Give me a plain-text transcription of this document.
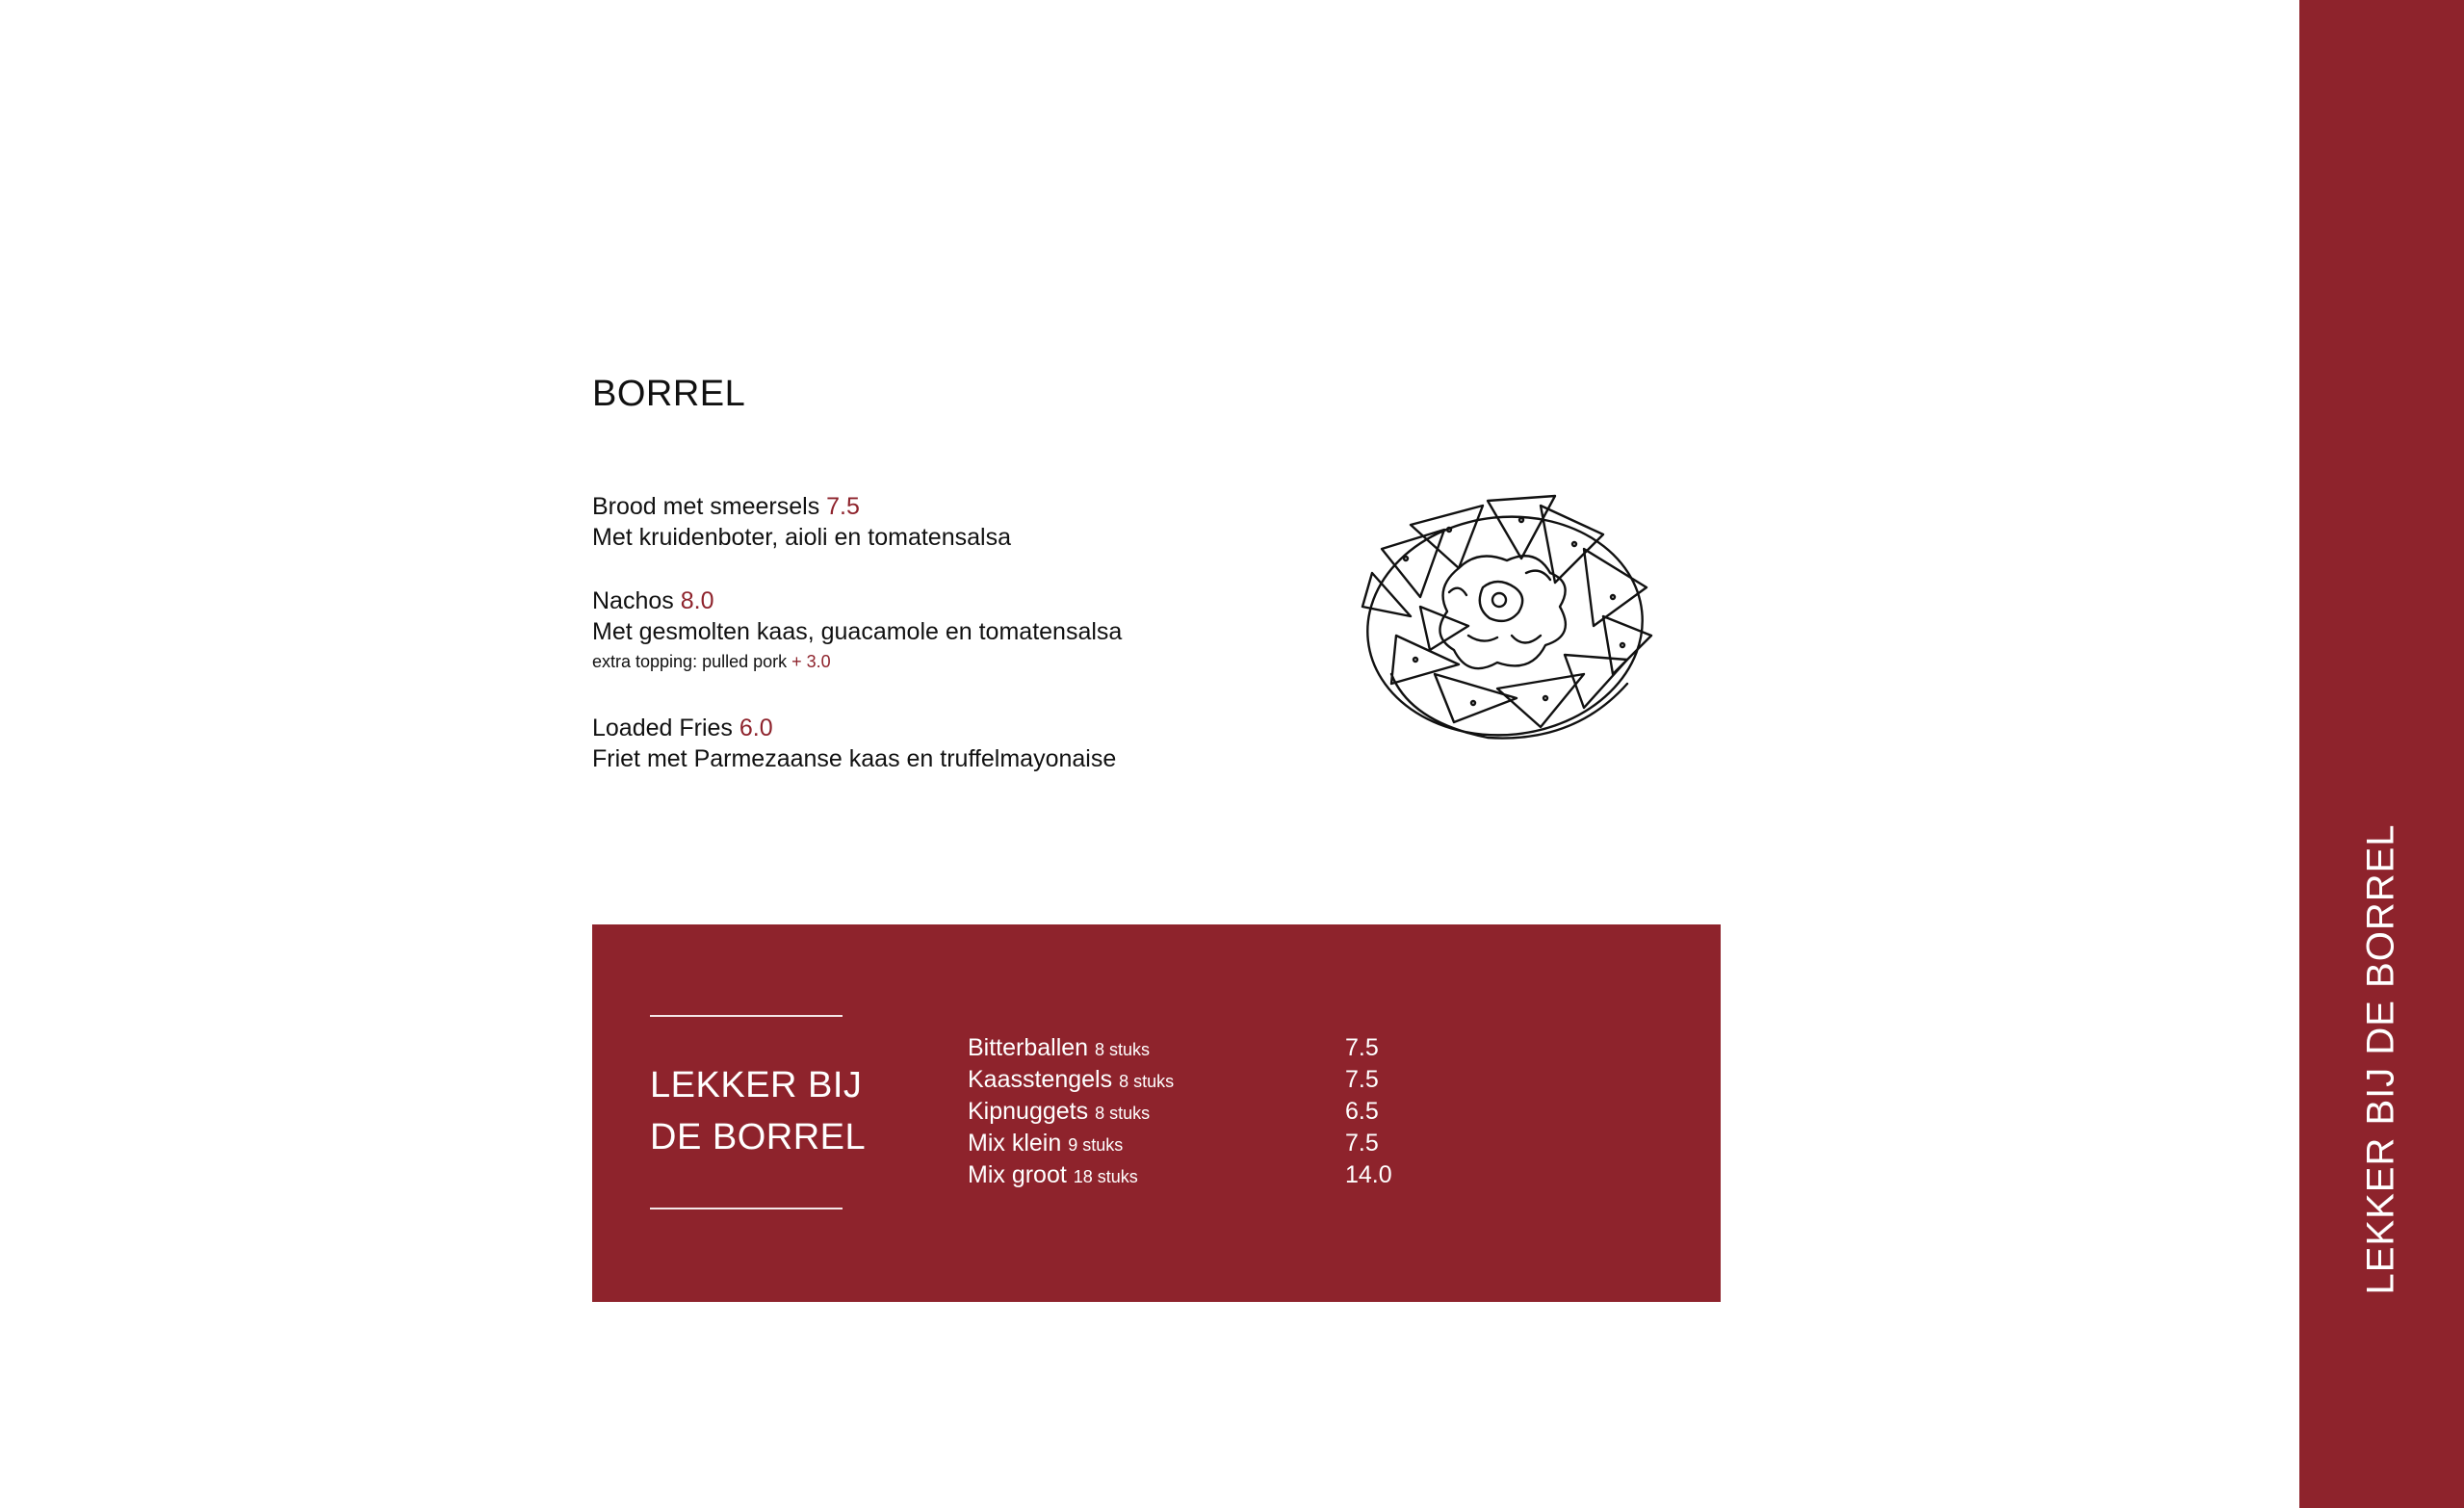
BORREL
Brood met smeersels 7.5
Met kruidenboter, aioli en tomatensalsa
Nachos 8.0
Met gesmolten kaas, guacamole en tomatensalsa
extra topping: pulled pork + 3.0
Loaded Fries 6.0
Friet met Parmezaanse kaas en truffelmayonaise
LEKKER BIJ
DE BORREL
Bitterballen 8 stuks	7.5
Kaasstengels 8 stuks	7.5
Kipnuggets 8 stuks	6.5
Mix klein 9 stuks	7.5
Mix groot 18 stuks	14.0	LEKKER BIJ DE BORREL
